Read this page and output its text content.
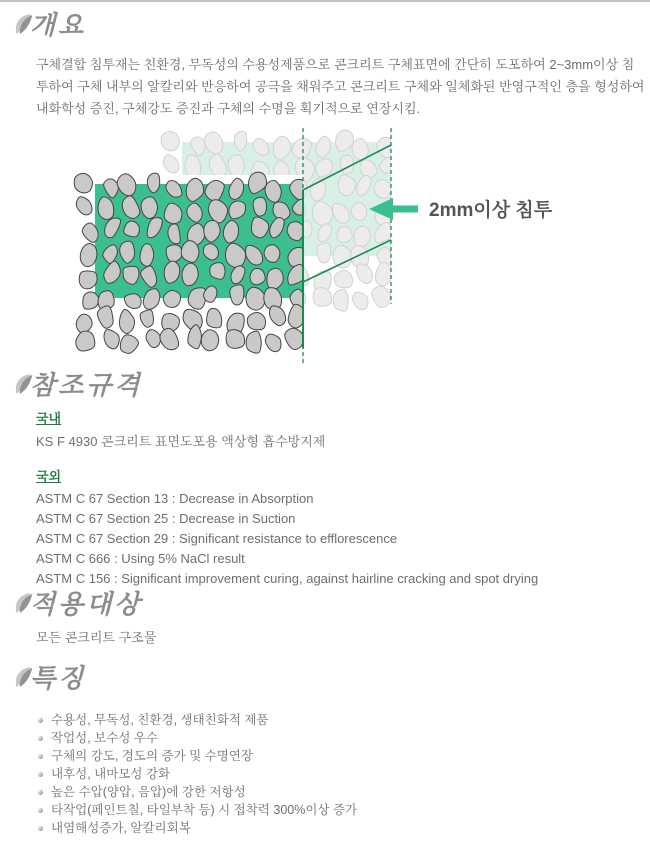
개요

구체결합 침투재는 친환경, 무독성의 수용성제품으로 콘크리트 구체표면에 간단히 도포하여 2~3mm이상 침투하여 구체 내부의 알칼리와 반응하여 공극을 채워주고 콘크리트 구체와 일체화된 반영구적인 층을 형성하여 내화학성 증진, 구체강도 증진과 구체의 수명을 획기적으로 연장시킴.

2mm이상 침투
참조규격
국내
KS F 4930 콘크리트 표면도포용 액상형 흡수방지제
국외
ASTM C 67 Section 13 : Decrease in Absorption
ASTM C 67 Section 25 : Decrease in Suction
ASTM C 67 Section 29 : Significant resistance to efflorescence
ASTM C 666 : Using 5% NaCl result
ASTM C 156 : Significant improvement curing, against hairline cracking and spot drying
적용대상
모든 콘크리트 구조물
특징
수용성, 무독성, 친환경, 생태친화적 제품
작업성, 보수성 우수
구체의 강도, 경도의 증가 및 수명연장
내후성, 내마모성 강화
높은 수압(양압, 음압)에 강한 저항성
타작업(페인트칠, 타일부착 등) 시 접착력 300%이상 증가
내염해성증가, 알칼리회복
